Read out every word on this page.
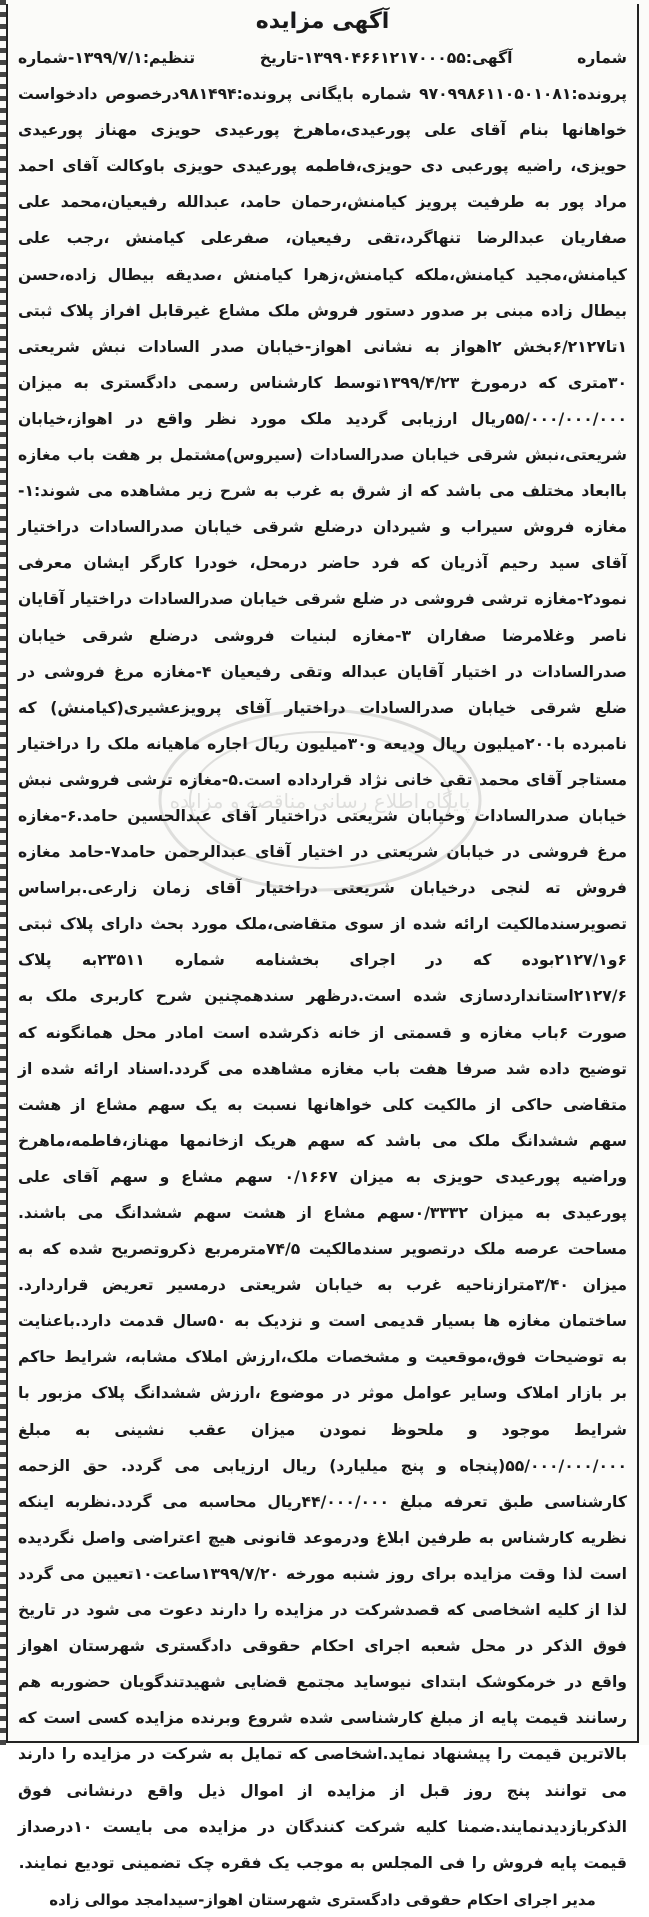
پایگاه اطلاع رسانی مناقصه و مزایده
آگهی مزایده

شماره آگهی:۱۳۹۹۰۴۶۶۱۲۱۷۰۰۰۵۵-تاریخ تنظیم:۱۳۹۹/۷/۱-شماره

پرونده:۹۷۰۹۹۸۶۱۱۰۵۰۱۰۸۱ شماره بایگانی پرونده:۹۸۱۴۹۴درخصوص دادخواست خواهانها بنام آقای علی پورعیدی،ماهرخ پورعیدی حویزی مهناز پورعیدی حویزی، راضیه پورعبی دی حویزی،فاطمه پورعیدی حویزی باوکالت آقای احمد مراد پور به طرفیت پرویز کیامنش،رحمان حامد، عبدالله رفیعیان،محمد علی صفاریان عبدالرضا تنهاگرد،تقی رفیعیان، صفرعلی کیامنش ،رجب علی کیامنش،مجید کیامنش،ملکه کیامنش،زهرا کیامنش ،صدیقه بیطال زاده،حسن بیطال زاده مبنی بر صدور دستور فروش ملک مشاع غیرقابل افراز پلاک ثبتی ۱تا۶/۲۱۲۷بخش ۲اهواز به نشانی اهواز-خیابان صدر السادات نبش شریعتی ۳۰متری که درمورخ ۱۳۹۹/۴/۲۳توسط کارشناس رسمی دادگستری به میزان ۵۵/۰۰۰/۰۰۰/۰۰۰ریال ارزیابی گردید ملک مورد نظر واقع در اهواز،خیابان شریعتی،نبش شرقی خیابان صدرالسادات (سیروس)مشتمل بر هفت باب مغازه باابعاد مختلف می باشد که از شرق به غرب به شرح زیر مشاهده می شوند:۱-مغازه فروش سیراب و شیردان درضلع شرقی خیابان صدرالسادات دراختیار آقای سید رحیم آذریان که فرد حاضر درمحل، خودرا کارگر ایشان معرفی نمود۲-مغازه ترشی فروشی در ضلع شرقی خیابان صدرالسادات دراختیار آقایان ناصر وغلامرضا صفاران ۳-مغازه لبنیات فروشی درضلع شرقی خیابان صدرالسادات در اختیار آقایان عبداله وتقی رفیعیان ۴-مغازه مرغ فروشی در ضلع شرقی خیابان صدرالسادات دراختیار آقای پرویزعشیری(کیامنش) که نامبرده با۲۰۰میلیون ریال ودیعه و۳۰میلیون ریال اجاره ماهیانه ملک را دراختیار مستاجر آقای محمد تقی خانی نژاد قرارداده است.۵-مغازه ترشی فروشی نبش خیابان صدرالسادات وخیابان شریعتی دراختیار آقای عبدالحسین حامد.۶-مغازه مرغ فروشی در خیابان شریعتی در اختیار آقای عبدالرحمن حامد۷-حامد مغازه فروش ته لنجی درخیابان شریعتی دراختیار آقای زمان زارعی.براساس تصویرسندمالکیت ارائه شده از سوی متقاضی،ملک مورد بحث دارای پلاک ثبتی ۶و۲۱۲۷/۱بوده که در اجرای بخشنامه شماره ۲۳۵۱۱به پلاک ۲۱۲۷/۶استانداردسازی شده است.درظهر سندهمچنین شرح کاربری ملک به صورت ۶باب مغازه و قسمتی از خانه ذکرشده است امادر محل همانگونه که توضیح داده شد صرفا هفت باب مغازه مشاهده می گردد.اسناد ارائه شده از متقاضی حاکی از مالکیت کلی خواهانها نسبت به یک سهم مشاع از هشت سهم ششدانگ ملک می باشد که سهم هریک ازخانمها مهناز،فاطمه،ماهرخ وراضیه پورعیدی حویزی به میزان ۰/۱۶۶۷ سهم مشاع و سهم آقای علی پورعیدی به میزان ۰/۳۳۳۲سهم مشاع از هشت سهم ششدانگ می باشند. مساحت عرصه ملک درتصویر سندمالکیت ۷۴/۵مترمربع ذکروتصریح شده که به میزان ۳/۴۰مترازناحیه غرب به خیابان شریعتی درمسیر تعریض قراردارد. ساختمان مغازه ها بسیار قدیمی است و نزدیک به ۵۰سال قدمت دارد.باعنایت به توضیحات فوق،موقعیت و مشخصات ملک،ارزش املاک مشابه، شرایط حاکم بر بازار املاک وسایر عوامل موثر در موضوع ،ارزش ششدانگ پلاک مزبور با شرایط موجود و ملحوظ نمودن میزان عقب نشینی به مبلغ ۵۵/۰۰۰/۰۰۰/۰۰۰(پنجاه و پنج میلیارد) ریال ارزیابی می گردد. حق الزحمه کارشناسی طبق تعرفه مبلغ ۴۴/۰۰۰/۰۰۰ریال محاسبه می گردد.نظربه اینکه نظریه کارشناس به طرفین ابلاغ ودرموعد قانونی هیچ اعتراضی واصل نگردیده است لذا وقت مزایده برای روز شنبه مورخه ۱۳۹۹/۷/۲۰ساعت۱۰تعیین می گردد لذا از کلیه اشخاصی که قصدشرکت در مزایده را دارند دعوت می شود در تاریخ فوق الذکر در محل شعبه اجرای احکام حقوقی دادگستری شهرستان اهواز واقع در خرمکوشک ابتدای نیوساید مجتمع قضایی شهیدتندگویان حضوربه هم رسانند قیمت پایه از مبلغ کارشناسی شده شروع وبرنده مزایده کسی است که بالاترین قیمت را پیشنهاد نماید.اشخاصی که تمایل به شرکت در مزایده را دارند می توانند پنج روز قبل از مزایده از اموال ذیل واقع درنشانی فوق الذکربازدیدنمایند.ضمنا کلیه شرکت کنندگان در مزایده می بایست ۱۰درصداز قیمت پایه فروش را فی المجلس به موجب یک فقره چک تضمینی تودیع نمایند.

مدیر اجرای احکام حقوقی دادگستری شهرستان اهواز-سیدامجد موالی زاده
